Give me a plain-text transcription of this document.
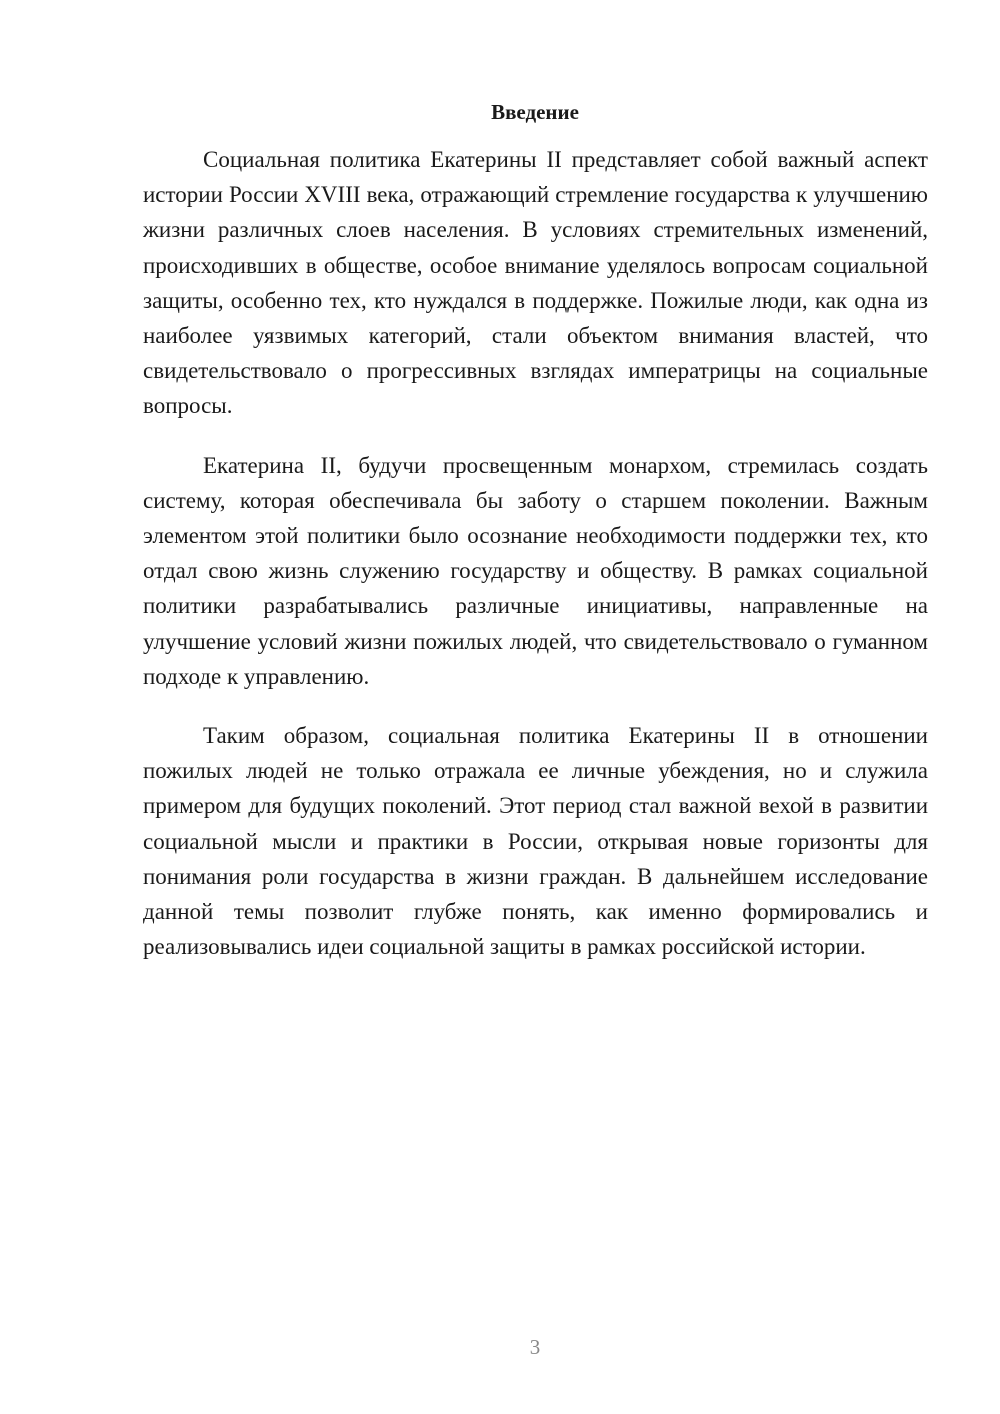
Введение

Социальная политика Екатерины II представляет собой важный аспект истории России XVIII века, отражающий стремление государства к улучшению жизни различных слоев населения. В условиях стремительных изменений, происходивших в обществе, особое внимание уделялось вопросам социальной защиты, особенно тех, кто нуждался в поддержке. Пожилые люди, как одна из наиболее уязвимых категорий, стали объектом внимания властей, что свидетельствовало о прогрессивных взглядах императрицы на социальные вопросы.

Екатерина II, будучи просвещенным монархом, стремилась создать систему, которая обеспечивала бы заботу о старшем поколении. Важным элементом этой политики было осознание необходимости поддержки тех, кто отдал свою жизнь служению государству и обществу. В рамках социальной политики разрабатывались различные инициативы, направленные на улучшение условий жизни пожилых людей, что свидетельствовало о гуманном подходе к управлению.

Таким образом, социальная политика Екатерины II в отношении пожилых людей не только отражала ее личные убеждения, но и служила примером для будущих поколений. Этот период стал важной вехой в развитии социальной мысли и практики в России, открывая новые горизонты для понимания роли государства в жизни граждан. В дальнейшем исследование данной темы позволит глубже понять, как именно формировались и реализовывались идеи социальной защиты в рамках российской истории.

3
